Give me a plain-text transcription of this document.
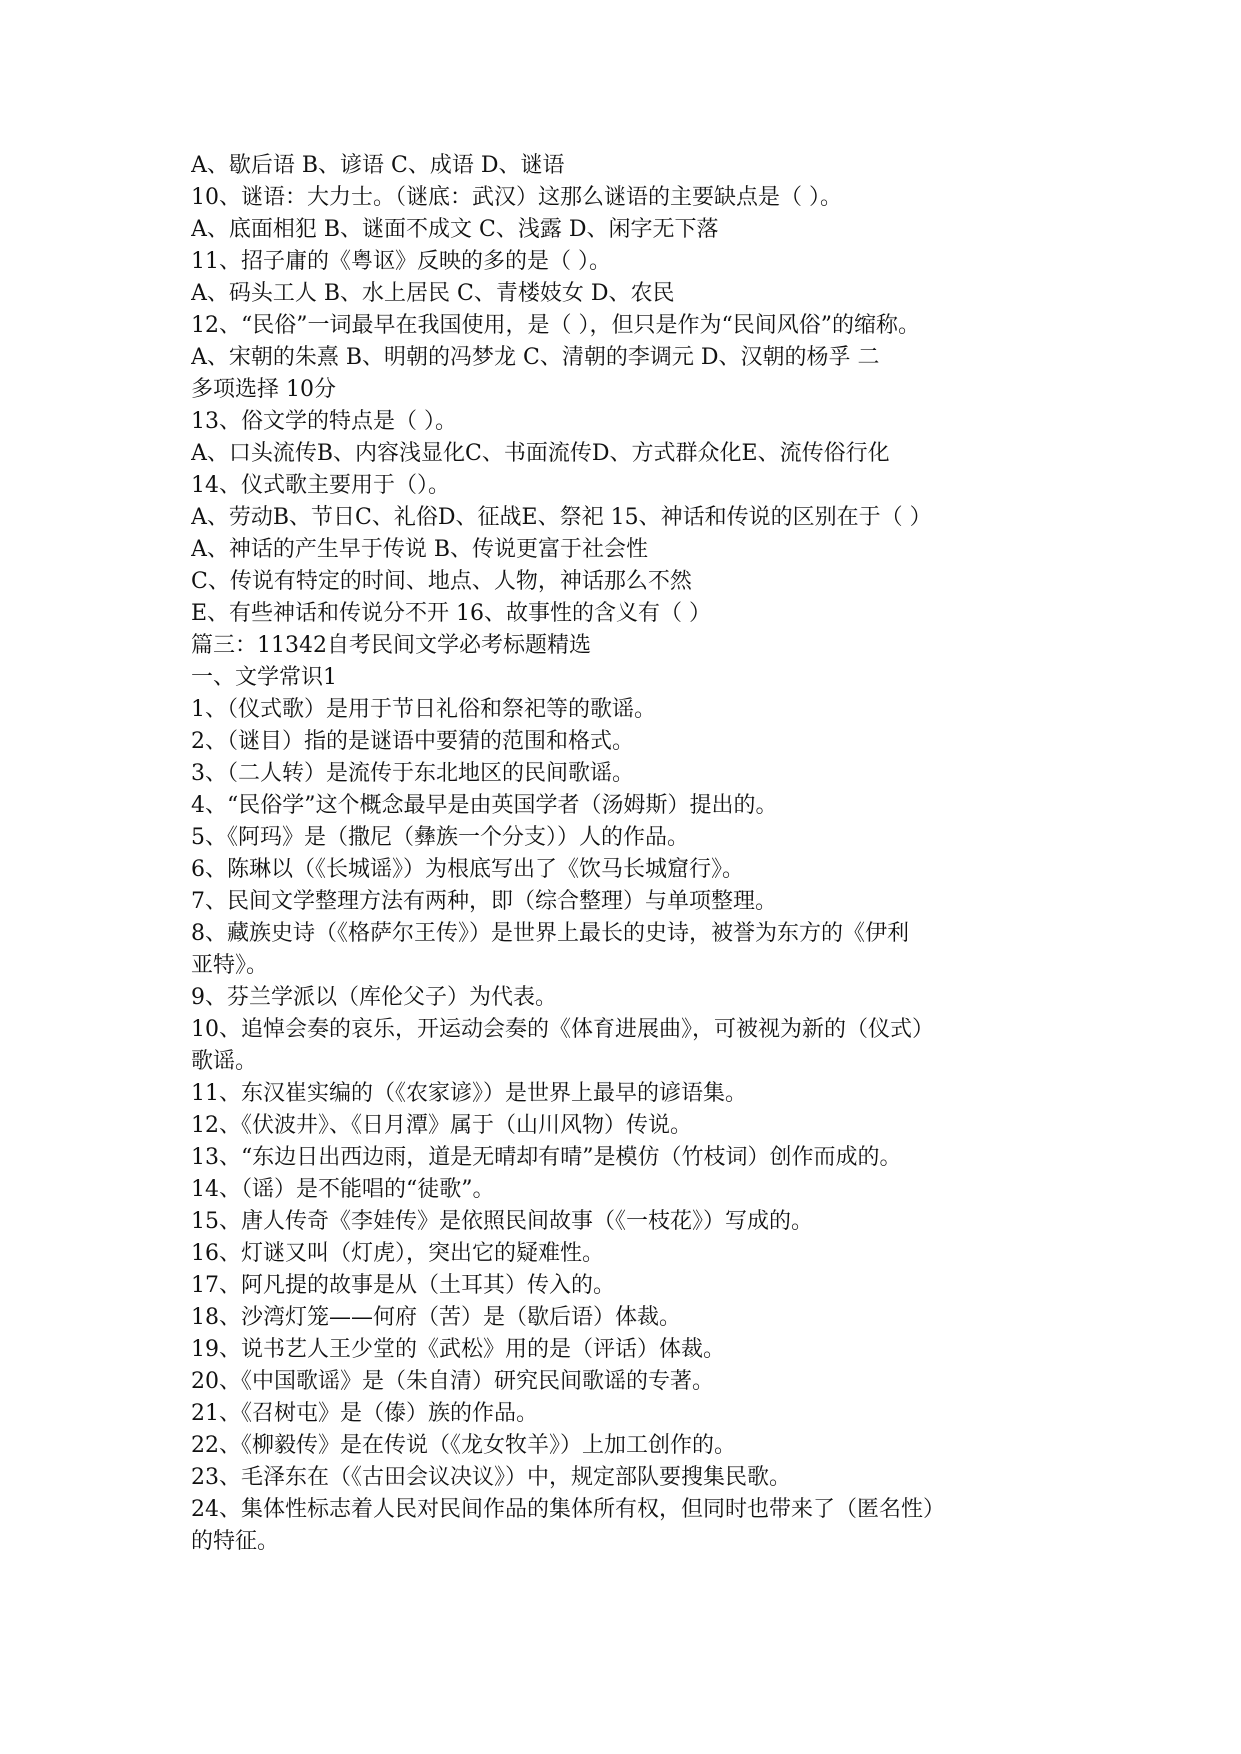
A、歇后语 B、谚语 C、成语 D、谜语
10、谜语：大力士。（谜底：武汉）这那么谜语的主要缺点是（ ）。
A、底面相犯 B、谜面不成文 C、浅露 D、闲字无下落
11、招子庸的《粤讴》反映的多的是（ ）。
A、码头工人 B、水上居民 C、青楼妓女 D、农民
12、“民俗”一词最早在我国使用，是（ ），但只是作为“民间风俗”的缩称。
A、宋朝的朱熹 B、明朝的冯梦龙 C、清朝的李调元 D、汉朝的杨孚 二
多项选择 10分
13、俗文学的特点是（ ）。
A、口头流传B、内容浅显化C、书面流传D、方式群众化E、流传俗行化
14、仪式歌主要用于（）。
A、劳动B、节日C、礼俗D、征战E、祭祀 15、神话和传说的区别在于（ ）
A、神话的产生早于传说 B、传说更富于社会性
C、传说有特定的时间、地点、人物，神话那么不然
E、有些神话和传说分不开 16、故事性的含义有（ ）
篇三：11342自考民间文学必考标题精选
一、文学常识1
1、（仪式歌）是用于节日礼俗和祭祀等的歌谣。
2、（谜目）指的是谜语中要猜的范围和格式。
3、（二人转）是流传于东北地区的民间歌谣。
4、“民俗学”这个概念最早是由英国学者（汤姆斯）提出的。
5、《阿玛》是（撒尼（彝族一个分支））人的作品。
6、陈琳以（《长城谣》）为根底写出了《饮马长城窟行》。
7、民间文学整理方法有两种，即（综合整理）与单项整理。
8、藏族史诗（《格萨尔王传》）是世界上最长的史诗，被誉为东方的《伊利
亚特》。
9、芬兰学派以（库伦父子）为代表。
10、追悼会奏的哀乐，开运动会奏的《体育进展曲》，可被视为新的（仪式）
歌谣。
11、东汉崔实编的（《农家谚》）是世界上最早的谚语集。
12、《伏波井》、《日月潭》属于（山川风物）传说。
13、“东边日出西边雨，道是无晴却有晴”是模仿（竹枝词）创作而成的。
14、（谣）是不能唱的“徒歌”。
15、唐人传奇《李娃传》是依照民间故事（《一枝花》）写成的。
16、灯谜又叫（灯虎），突出它的疑难性。
17、阿凡提的故事是从（土耳其）传入的。
18、沙湾灯笼——何府（苦）是（歇后语）体裁。
19、说书艺人王少堂的《武松》用的是（评话）体裁。
20、《中国歌谣》是（朱自清）研究民间歌谣的专著。
21、《召树屯》是（傣）族的作品。
22、《柳毅传》是在传说（《龙女牧羊》）上加工创作的。
23、毛泽东在（《古田会议决议》）中，规定部队要搜集民歌。
24、集体性标志着人民对民间作品的集体所有权，但同时也带来了（匿名性）
的特征。
